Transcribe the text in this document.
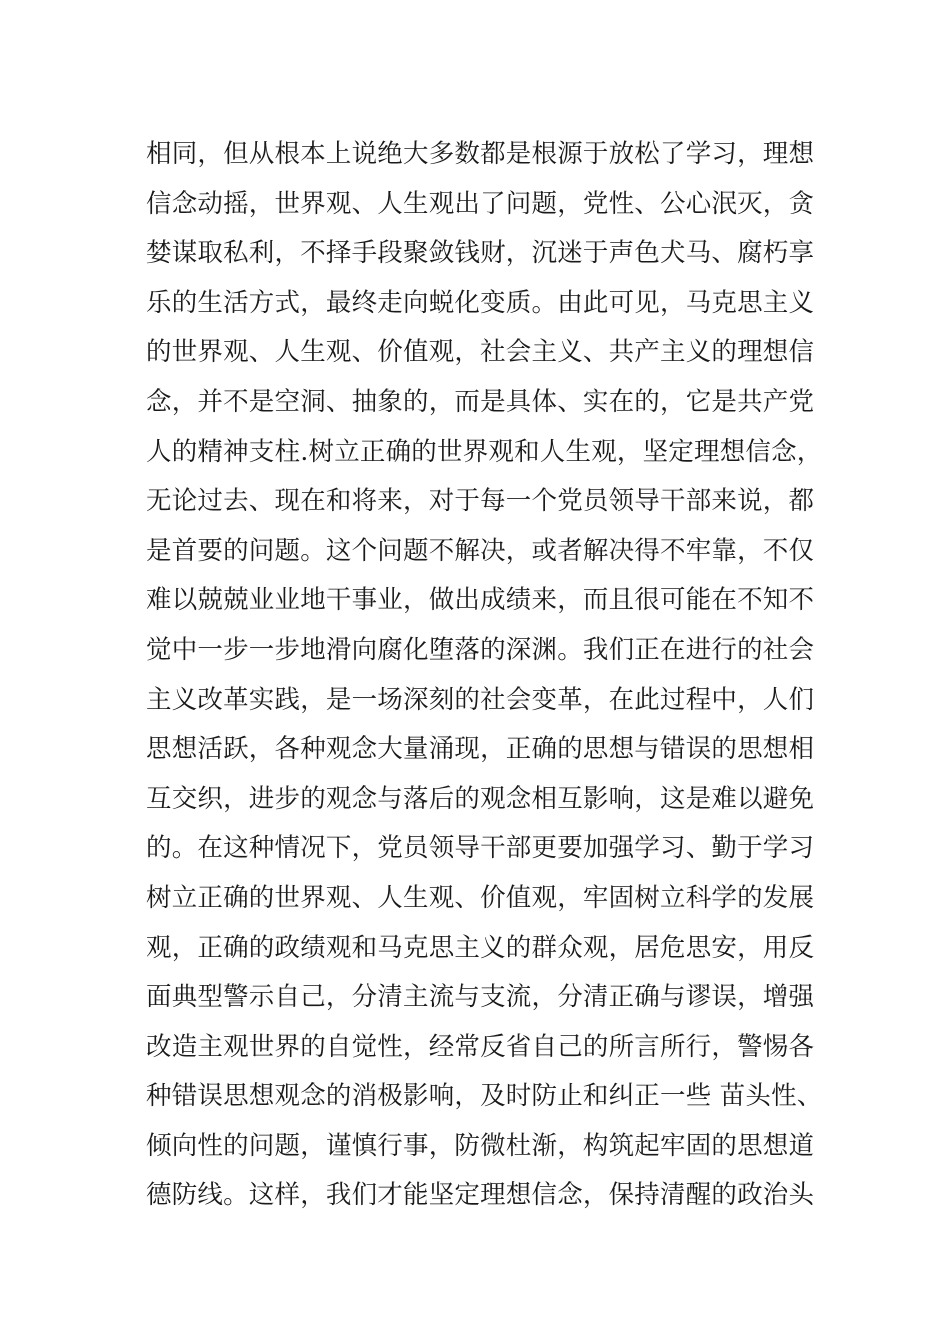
相同，但从根本上说绝大多数都是根源于放松了学习，理想
信念动摇，世界观、人生观出了问题，党性、公心泯灭，贪
婪谋取私利，不择手段聚敛钱财，沉迷于声色犬马、腐朽享
乐的生活方式，最终走向蜕化变质。由此可见，马克思主义
的世界观、人生观、价值观，社会主义、共产主义的理想信
念，并不是空洞、抽象的，而是具体、实在的，它是共产党
人的精神支柱.树立正确的世界观和人生观，坚定理想信念，
无论过去、现在和将来，对于每一个党员领导干部来说，都
是首要的问题。这个问题不解决，或者解决得不牢靠，不仅
难以兢兢业业地干事业，做出成绩来，而且很可能在不知不
觉中一步一步地滑向腐化堕落的深渊。我们正在进行的社会
主义改革实践，是一场深刻的社会变革，在此过程中，人们
思想活跃，各种观念大量涌现，正确的思想与错误的思想相
互交织，进步的观念与落后的观念相互影响，这是难以避免
的。在这种情况下，党员领导干部更要加强学习、勤于学习
树立正确的世界观、人生观、价值观，牢固树立科学的发展
观，正确的政绩观和马克思主义的群众观，居危思安，用反
面典型警示自己，分清主流与支流，分清正确与谬误，增强
改造主观世界的自觉性，经常反省自己的所言所行，警惕各
种错误思想观念的消极影响，及时防止和纠正一些 苗头性、
倾向性的问题，谨慎行事，防微杜渐，构筑起牢固的思想道
德防线。这样，我们才能坚定理想信念，保持清醒的政治头
